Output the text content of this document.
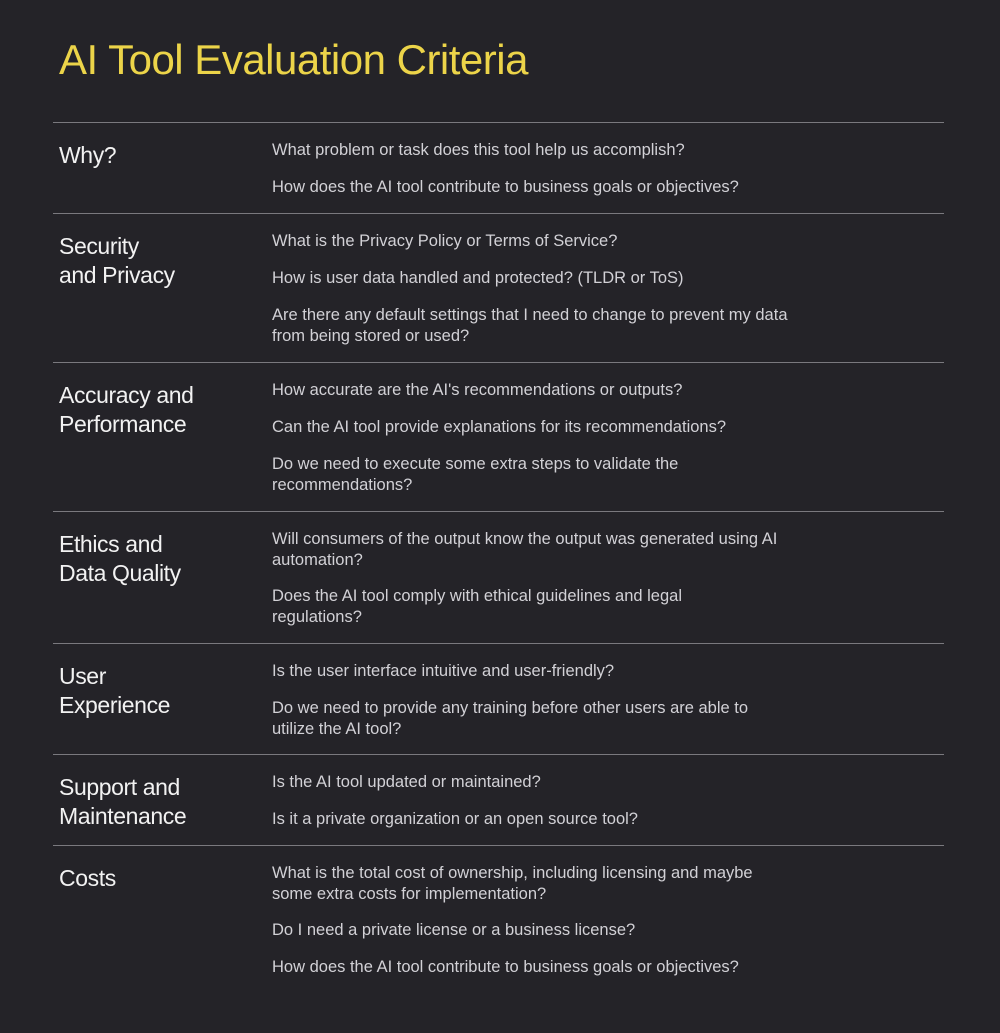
AI Tool Evaluation Criteria
Why?	What problem or task does this tool help us accomplish?
How does the AI tool contribute to business goals or objectives?
Security
and Privacy
What is the Privacy Policy or Terms of Service?
How is user data handled and protected? (TLDR or ToS)
Are there any default settings that I need to change to prevent my data from being stored or used?
Accuracy and
Performance
How accurate are the AI's recommendations or outputs?
Can the AI tool provide explanations for its recommendations?
Do we need to execute some extra steps to validate the recommendations?
Ethics and
Data Quality
Will consumers of the output know the output was generated using AI automation?
Does the AI tool comply with ethical guidelines and legal regulations?
User
Experience
Is the user interface intuitive and user-friendly?
Do we need to provide any training before other users are able to utilize the AI tool?
Support and
Maintenance
Is the AI tool updated or maintained?
Is it a private organization or an open source tool?
Costs	What is the total cost of ownership, including licensing and maybe some extra costs for implementation?
Do I need a private license or a business license?
How does the AI tool contribute to business goals or objectives?
